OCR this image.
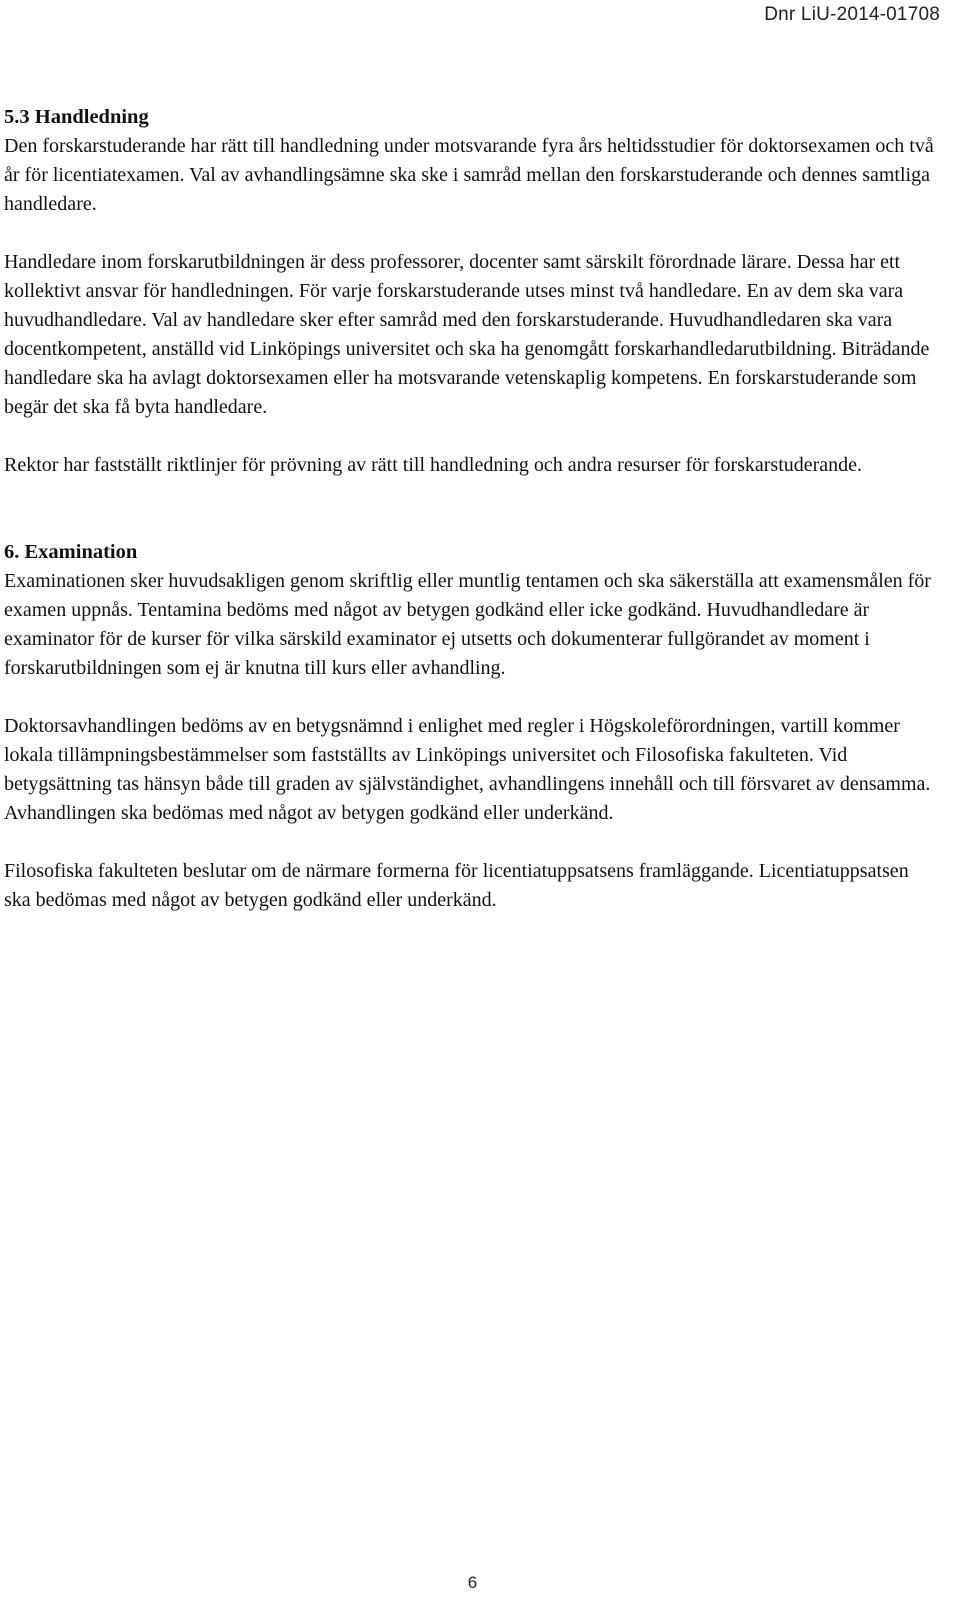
Dnr LiU-2014-01708
5.3 Handledning

Den forskarstuderande har rätt till handledning under motsvarande fyra års heltidsstudier för doktorsexamen och två år för licentiatexamen. Val av avhandlingsämne ska ske i samråd mellan den forskarstuderande och dennes samtliga handledare.

Handledare inom forskarutbildningen är dess professorer, docenter samt särskilt förordnade lärare. Dessa har ett kollektivt ansvar för handledningen. För varje forskarstuderande utses minst två handledare. En av dem ska vara huvudhandledare. Val av handledare sker efter samråd med den forskarstuderande. Huvudhandledaren ska vara docentkompetent, anställd vid Linköpings universitet och ska ha genomgått forskarhandledarutbildning. Biträdande handledare ska ha avlagt doktorsexamen eller ha motsvarande vetenskaplig kompetens. En forskarstuderande som begär det ska få byta handledare.

Rektor har fastställt riktlinjer för prövning av rätt till handledning och andra resurser för forskarstuderande.

6. Examination

Examinationen sker huvudsakligen genom skriftlig eller muntlig tentamen och ska säkerställa att examensmålen för examen uppnås. Tentamina bedöms med något av betygen godkänd eller icke godkänd. Huvudhandledare är examinator för de kurser för vilka särskild examinator ej utsetts och dokumenterar fullgörandet av moment i forskarutbildningen som ej är knutna till kurs eller avhandling.

Doktorsavhandlingen bedöms av en betygsnämnd i enlighet med regler i Högskoleförordningen, vartill kommer lokala tillämpningsbestämmelser som fastställts av Linköpings universitet och Filosofiska fakulteten. Vid betygsättning tas hänsyn både till graden av självständighet, avhandlingens innehåll och till försvaret av densamma. Avhandlingen ska bedömas med något av betygen godkänd eller underkänd.

Filosofiska fakulteten beslutar om de närmare formerna för licentiatuppsatsens framläggande. Licentiatuppsatsen ska bedömas med något av betygen godkänd eller underkänd.

6
